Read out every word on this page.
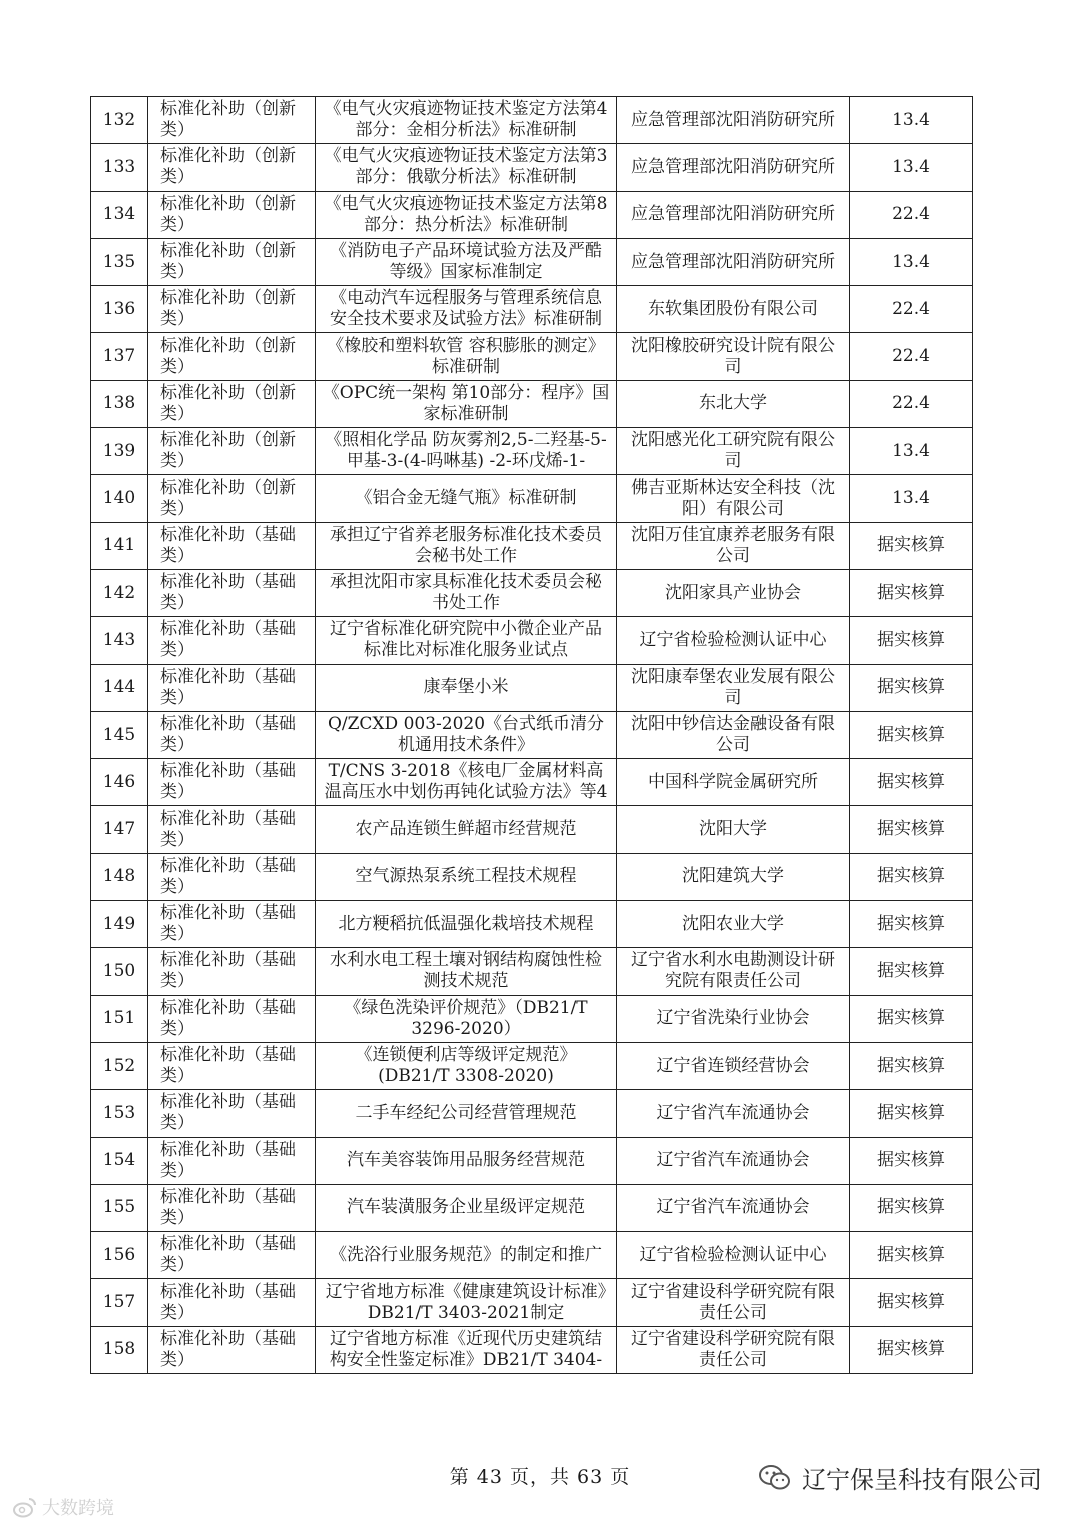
132	标准化补助（创新类）	《电气火灾痕迹物证技术鉴定方法第4部分：金相分析法》标准研制	应急管理部沈阳消防研究所	13.4

133	标准化补助（创新类）	《电气火灾痕迹物证技术鉴定方法第3部分：俄歇分析法》标准研制	应急管理部沈阳消防研究所	13.4

134	标准化补助（创新类）	《电气火灾痕迹物证技术鉴定方法第8部分：热分析法》标准研制	应急管理部沈阳消防研究所	22.4

135	标准化补助（创新类）	《消防电子产品环境试验方法及严酷等级》国家标准制定	应急管理部沈阳消防研究所	13.4

136	标准化补助（创新类）	《电动汽车远程服务与管理系统信息安全技术要求及试验方法》标准研制	东软集团股份有限公司	22.4

137	标准化补助（创新类）	《橡胶和塑料软管 容积膨胀的测定》标准研制	沈阳橡胶研究设计院有限公司	22.4

138	标准化补助（创新类）	《OPC统一架构 第10部分：程序》国家标准研制	东北大学	22.4

139	标准化补助（创新类）	《照相化学品 防灰雾剂2,5-二羟基-5-甲基-3-(4-吗啉基) -2-环戊烯-1-	沈阳感光化工研究院有限公司	13.4

140	标准化补助（创新类）	《铝合金无缝气瓶》标准研制	佛吉亚斯林达安全科技（沈阳）有限公司	13.4

141	标准化补助（基础类）	承担辽宁省养老服务标准化技术委员会秘书处工作	沈阳万佳宜康养老服务有限公司	据实核算

142	标准化补助（基础类）	承担沈阳市家具标准化技术委员会秘书处工作	沈阳家具产业协会	据实核算

143	标准化补助（基础类）	辽宁省标准化研究院中小微企业产品标准比对标准化服务业试点	辽宁省检验检测认证中心	据实核算

144	标准化补助（基础类）	康奉堡小米	沈阳康奉堡农业发展有限公司	据实核算

145	标准化补助（基础类）	Q/ZCXD 003-2020《台式纸币清分机通用技术条件》	沈阳中钞信达金融设备有限公司	据实核算

146	标准化补助（基础类）	T/CNS 3-2018《核电厂金属材料高温高压水中划伤再钝化试验方法》等4	中国科学院金属研究所	据实核算

147	标准化补助（基础类）	农产品连锁生鲜超市经营规范	沈阳大学	据实核算

148	标准化补助（基础类）	空气源热泵系统工程技术规程	沈阳建筑大学	据实核算

149	标准化补助（基础类）	北方粳稻抗低温强化栽培技术规程	沈阳农业大学	据实核算

150	标准化补助（基础类）	水利水电工程土壤对钢结构腐蚀性检测技术规范	辽宁省水利水电勘测设计研究院有限责任公司	据实核算

151	标准化补助（基础类）	《绿色洗染评价规范》（DB21/T 3296-2020）	辽宁省洗染行业协会	据实核算

152	标准化补助（基础类）	《连锁便利店等级评定规范》(DB21/T 3308-2020)	辽宁省连锁经营协会	据实核算

153	标准化补助（基础类）	二手车经纪公司经营管理规范	辽宁省汽车流通协会	据实核算

154	标准化补助（基础类）	汽车美容装饰用品服务经营规范	辽宁省汽车流通协会	据实核算

155	标准化补助（基础类）	汽车装潢服务企业星级评定规范	辽宁省汽车流通协会	据实核算

156	标准化补助（基础类）	《洗浴行业服务规范》的制定和推广	辽宁省检验检测认证中心	据实核算

157	标准化补助（基础类）	辽宁省地方标准《健康建筑设计标准》DB21/T 3403-2021制定	辽宁省建设科学研究院有限责任公司	据实核算

158	标准化补助（基础类）	辽宁省地方标准《近现代历史建筑结构安全性鉴定标准》DB21/T 3404-	辽宁省建设科学研究院有限责任公司	据实核算
第 43 页，共 63 页	辽宁保呈科技有限公司
大数跨境
